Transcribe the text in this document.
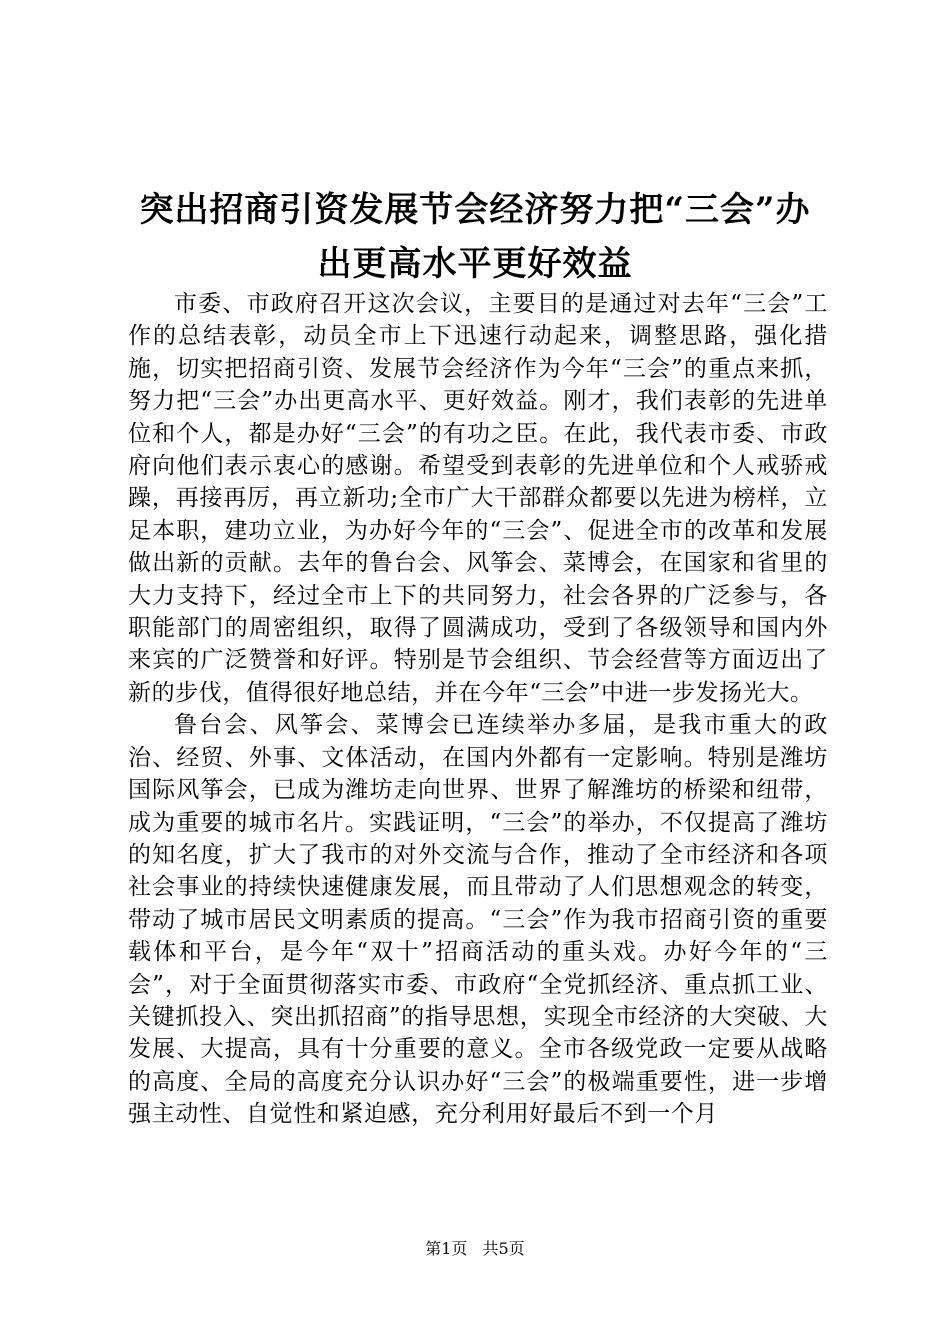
突出招商引资发展节会经济努力把“三会”办
出更高水平更好效益

市委、市政府召开这次会议，主要目的是通过对去年“三会”工作的总结表彰，动员全市上下迅速行动起来，调整思路，强化措施，切实把招商引资、发展节会经济作为今年“三会”的重点来抓，努力把“三会”办出更高水平、更好效益。刚才，我们表彰的先进单位和个人，都是办好“三会”的有功之臣。在此，我代表市委、市政府向他们表示衷心的感谢。希望受到表彰的先进单位和个人戒骄戒躁，再接再厉，再立新功;全市广大干部群众都要以先进为榜样，立足本职，建功立业，为办好今年的“三会”、促进全市的改革和发展做出新的贡献。去年的鲁台会、风筝会、菜博会，在国家和省里的大力支持下，经过全市上下的共同努力，社会各界的广泛参与，各职能部门的周密组织，取得了圆满成功，受到了各级领导和国内外来宾的广泛赞誉和好评。特别是节会组织、节会经营等方面迈出了新的步伐，值得很好地总结，并在今年“三会”中进一步发扬光大。

鲁台会、风筝会、菜博会已连续举办多届，是我市重大的政治、经贸、外事、文体活动，在国内外都有一定影响。特别是潍坊国际风筝会，已成为潍坊走向世界、世界了解潍坊的桥梁和纽带，成为重要的城市名片。实践证明，“三会”的举办，不仅提高了潍坊的知名度，扩大了我市的对外交流与合作，推动了全市经济和各项社会事业的持续快速健康发展，而且带动了人们思想观念的转变，带动了城市居民文明素质的提高。“三会”作为我市招商引资的重要载体和平台，是今年“双十”招商活动的重头戏。办好今年的“三会”，对于全面贯彻落实市委、市政府“全党抓经济、重点抓工业、关键抓投入、突出抓招商”的指导思想，实现全市经济的大突破、大发展、大提高，具有十分重要的意义。全市各级党政一定要从战略的高度、全局的高度充分认识办好“三会”的极端重要性，进一步增强主动性、自觉性和紧迫感，充分利用好最后不到一个月

第1页 共5页
